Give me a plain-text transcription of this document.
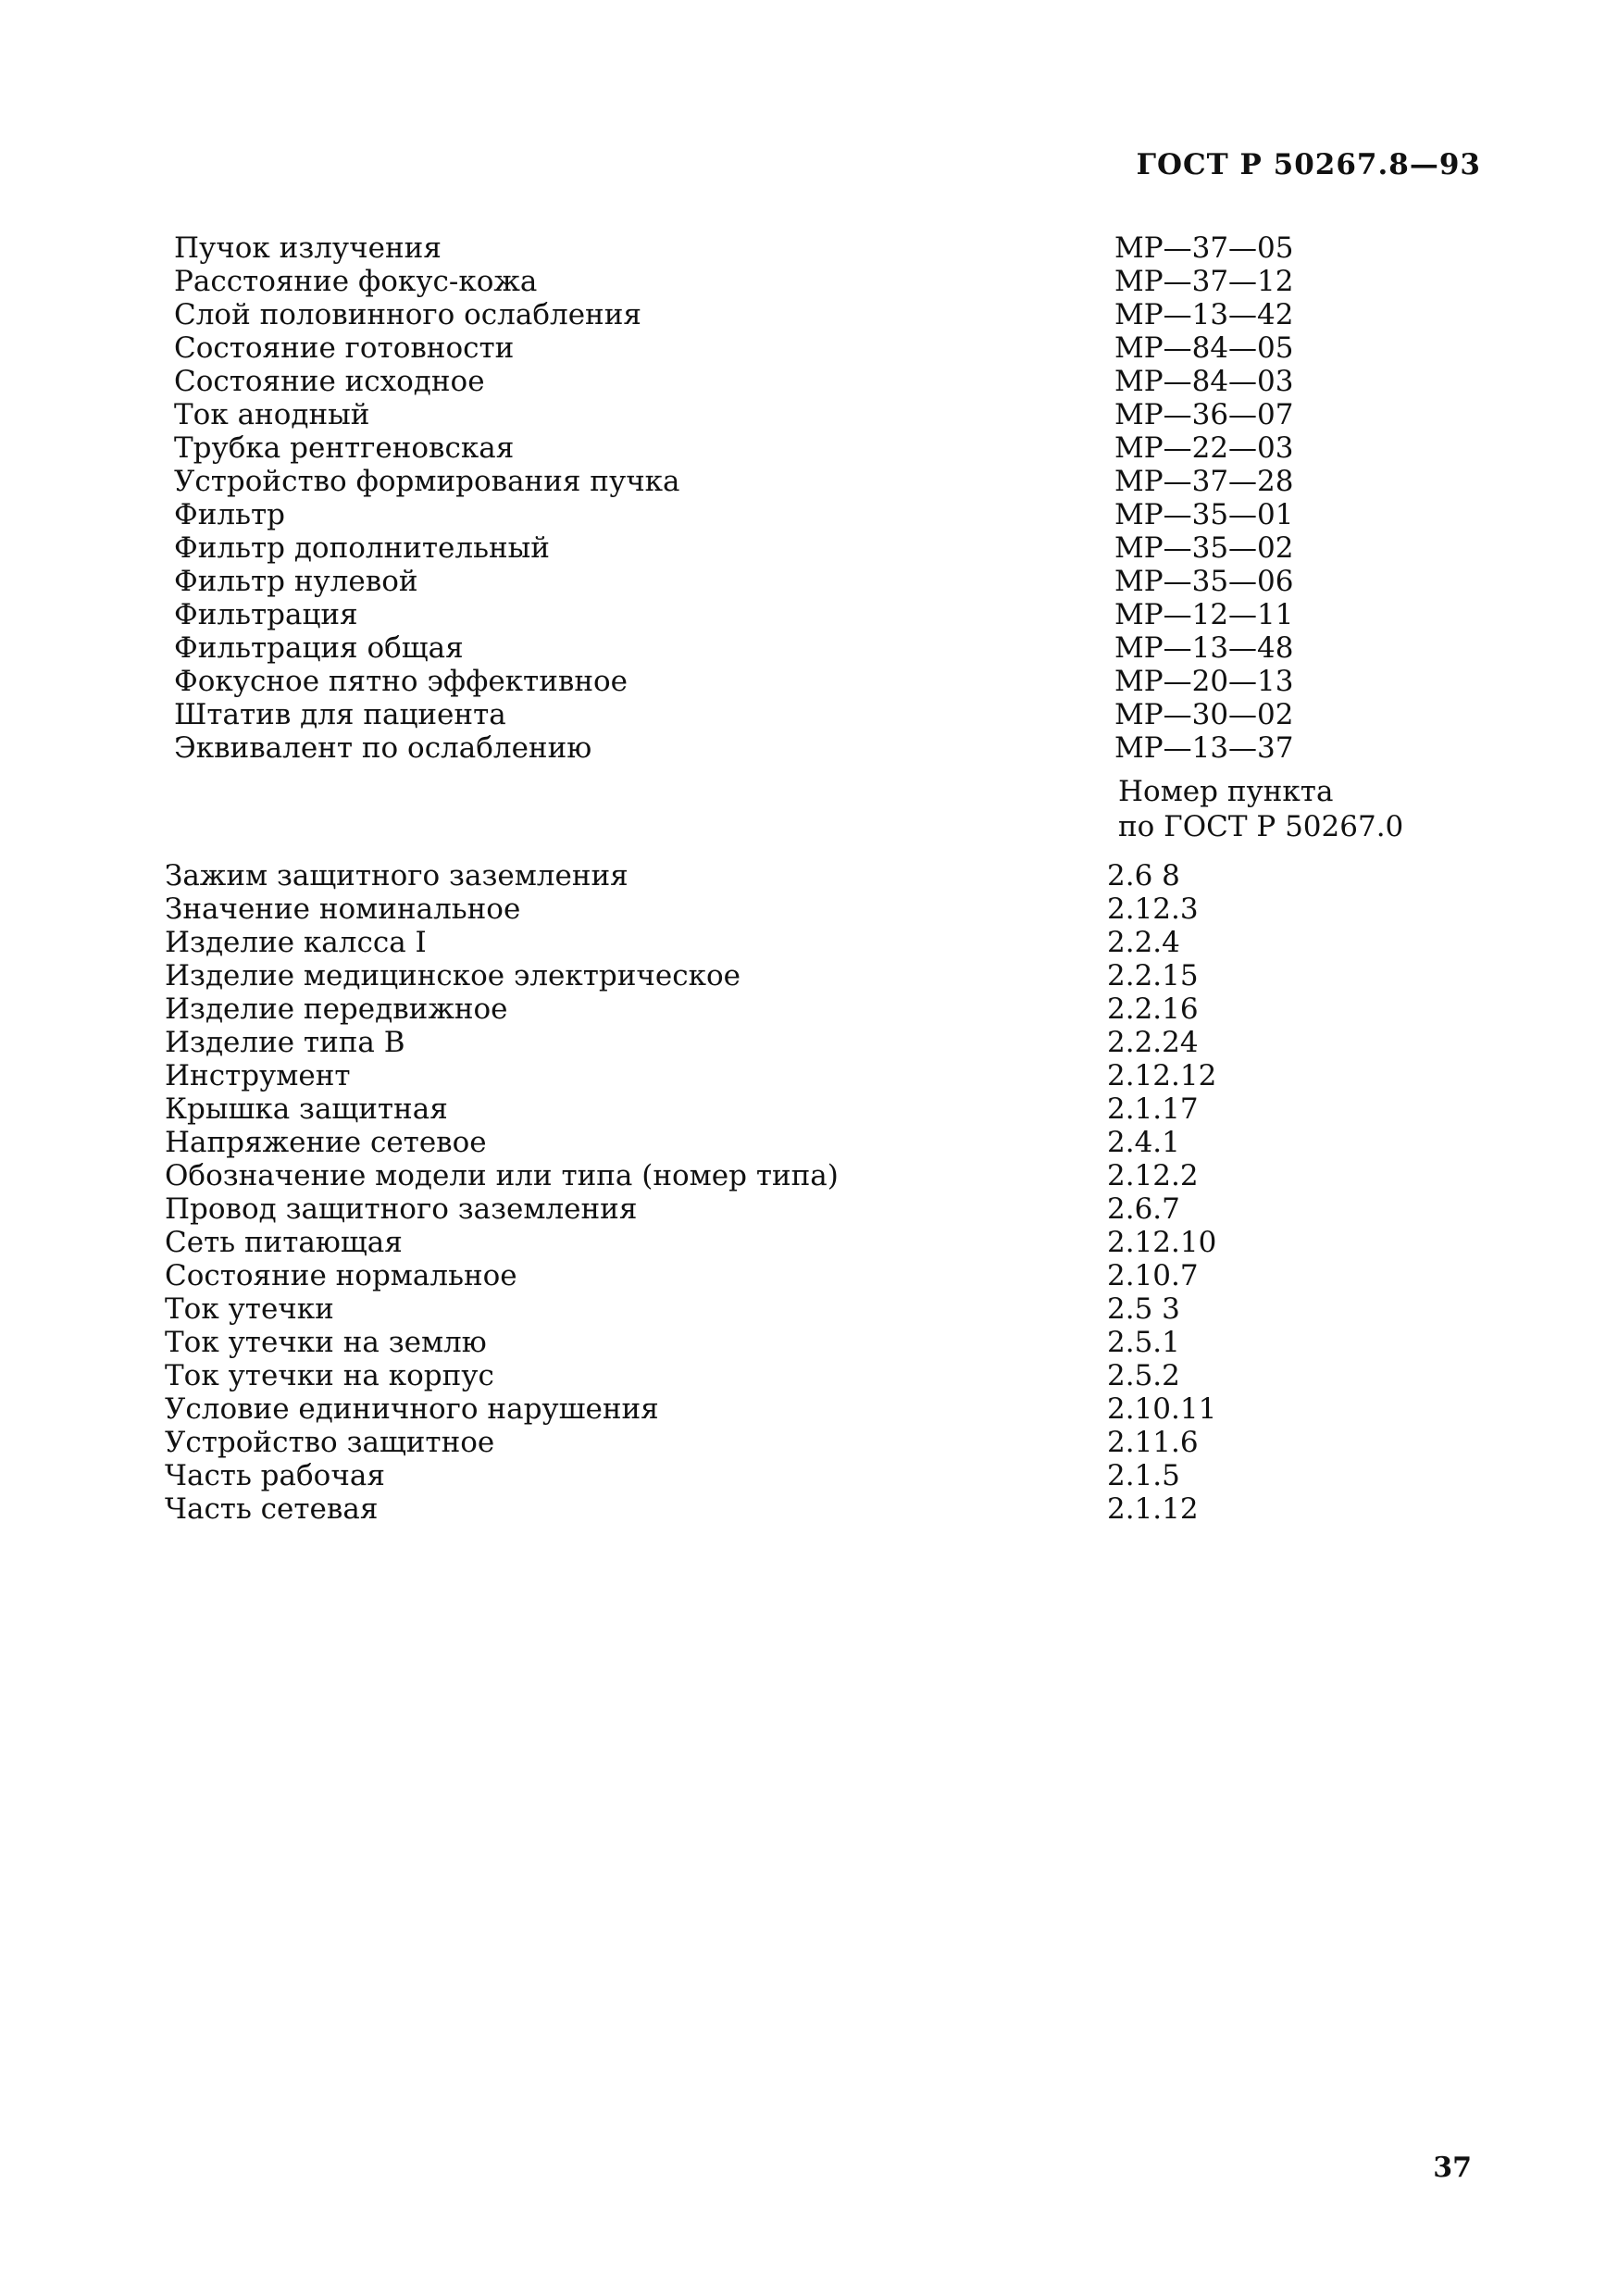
ГОСТ Р 50267.8—93
Пучок излучения	МР—37—05
Расстояние фокус-кожа	МР—37—12
Слой половинного ослабления	МР—13—42
Состояние готовности	МР—84—05
Состояние исходное	МР—84—03
Ток анодный	МР—36—07
Трубка рентгеновская	МР—22—03
Устройство формирования пучка	МР—37—28
Фильтр	МР—35—01
Фильтр дополнительный	МР—35—02
Фильтр нулевой	МР—35—06
Фильтрация	МР—12—11
Фильтрация общая	МР—13—48
Фокусное пятно эффективное	МР—20—13
Штатив для пациента	МР—30—02
Эквивалент по ослаблению	МР—13—37
Номер пункта
по ГОСТ Р 50267.0
Зажим защитного заземления	2.6 8
Значение номинальное	2.12.3
Изделие калсса I	2.2.4
Изделие медицинское электрическое	2.2.15
Изделие передвижное	2.2.16
Изделие типа В	2.2.24
Инструмент	2.12.12
Крышка защитная	2.1.17
Напряжение сетевое	2.4.1
Обозначение модели или типа (номер типа)	2.12.2
Провод защитного заземления	2.6.7
Сеть питающая	2.12.10
Состояние нормальное	2.10.7
Ток утечки	2.5 3
Ток утечки на землю	2.5.1
Ток утечки на корпус	2.5.2
Условие единичного нарушения	2.10.11
Устройство защитное	2.11.6
Часть рабочая	2.1.5
Часть сетевая	2.1.12
37
